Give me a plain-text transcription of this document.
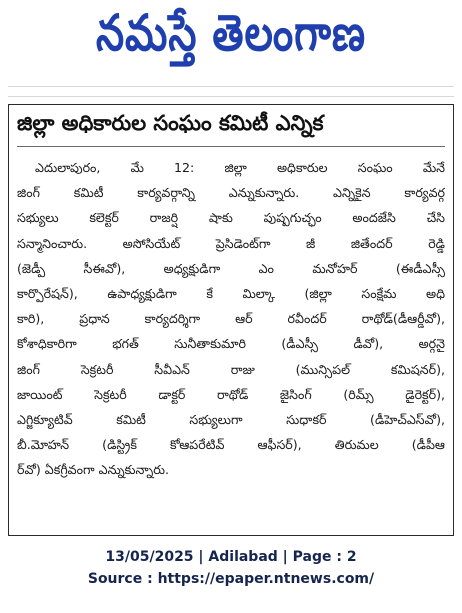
నమస్తే తెలంగాణ
జిల్లా అధికారుల సంఘం కమిటీ ఎన్నిక
ఎదులాపురం, మే 12: జిల్లా అధికారుల సంఘం మేనే
జింగ్ కమిటీ కార్యవర్గాన్ని ఎన్నుకున్నారు. ఎన్నికైన కార్యవర్గ
సభ్యులు కలెక్టర్ రాజర్షి షాకు పుష్పగుచ్ఛం అందజేసి చేసి
సన్మానించారు. అసోసియేట్ ప్రెసిడెంట్‌గా జీ జితేందర్ రెడ్డి
(జెడ్పీ సీఈవో), అధ్యక్షుడిగా ఎం మనోహర్ (ఈడీఎస్సీ
కార్పొరేషన్), ఉపాధ్యక్షుడిగా కే మిల్కా (జిల్లా సంక్షేమ అధి
కారి), ప్రధాన కార్యదర్శిగా ఆర్ రవీందర్ రాథోడ్(డీఆర్డీవో),
కోశాధికారిగా భగత్ సునీతాకుమారి (డీఎస్సీ డీవో), అర్గనై
జింగ్ సెక్రటరీ సీవీఎన్ రాజు (మున్సిపల్ కమిషనర్),
జాయింట్ సెక్రటరీ డాక్టర్ రాథోడ్ జైసింగ్ (రిమ్స్ డైరెక్టర్),
ఎగ్జిక్యూటివ్ కమిటీ సభ్యులుగా సుధాకర్ (డీహెచ్ఎస్‌వో),
బీ.మోహన్ (డిస్ట్రిక్ కోఆపరేటివ్ ఆఫీసర్), తిరుమల (డీపీఆ
ర్‌వో) ఏకగ్రీవంగా ఎన్నుకున్నారు.
13/05/2025 | Adilabad | Page : 2
Source : https://epaper.ntnews.com/
